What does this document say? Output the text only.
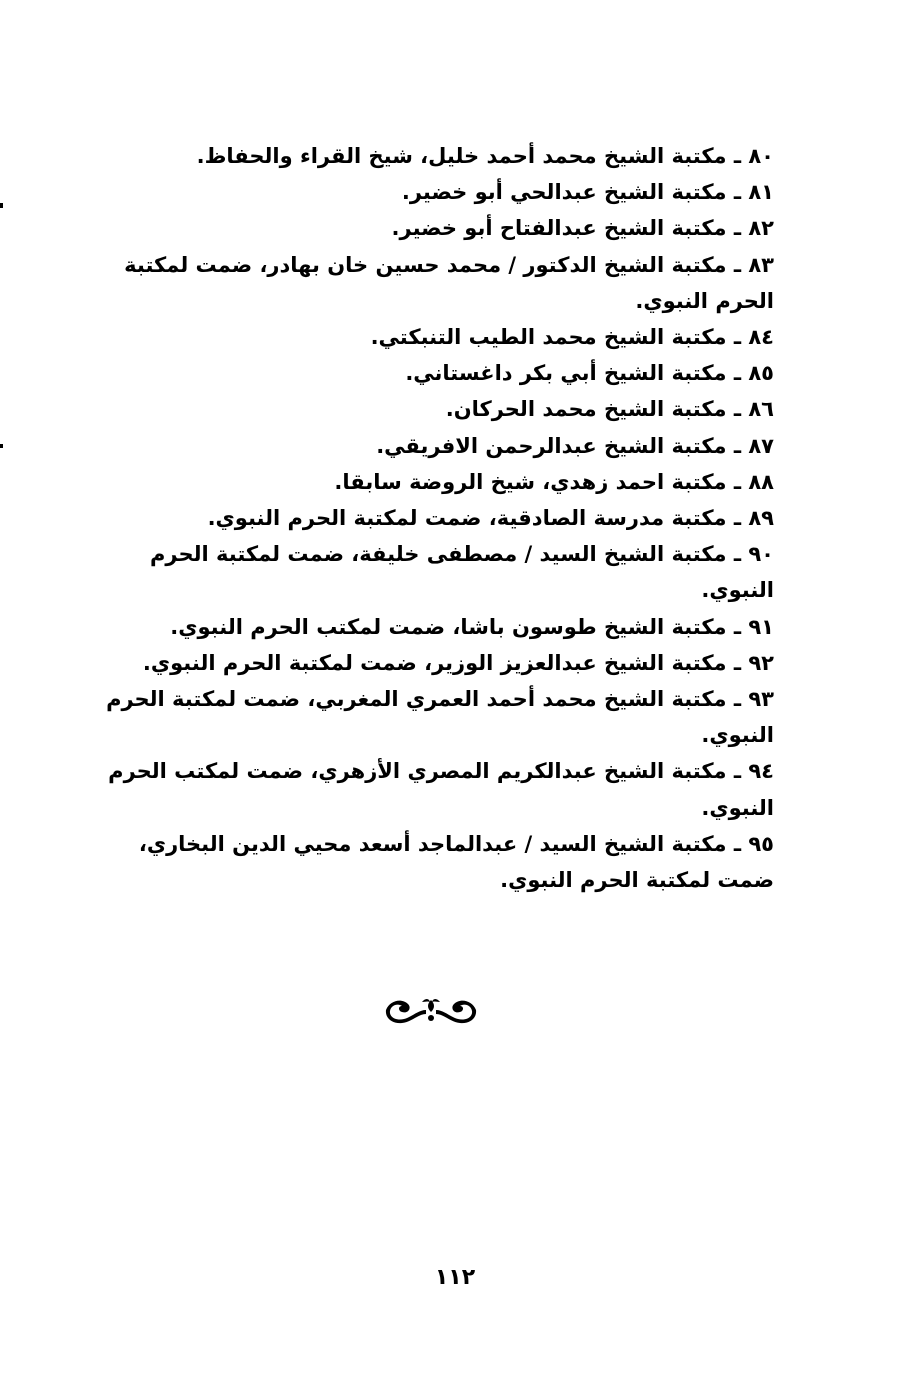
٨٠ ـ مكتبة الشيخ محمد أحمد خليل، شيخ القراء والحفاظ.

٨١ ـ مكتبة الشيخ عبدالحي أبو خضير.

٨٢ ـ مكتبة الشيخ عبدالفتاح أبو خضير.

٨٣ ـ مكتبة الشيخ الدكتور / محمد حسين خان بهادر، ضمت لمكتبة الحرم النبوي.

٨٤ ـ مكتبة الشيخ محمد الطيب التنبكتي.

٨٥ ـ مكتبة الشيخ أبي بكر داغستاني.

٨٦ ـ مكتبة الشيخ محمد الحركان.

٨٧ ـ مكتبة الشيخ عبدالرحمن الافريقي.

٨٨ ـ مكتبة احمد زهدي، شيخ الروضة سابقا.

٨٩ ـ مكتبة مدرسة الصادقية، ضمت لمكتبة الحرم النبوي.

٩٠ ـ مكتبة الشيخ السيد / مصطفى خليفة، ضمت لمكتبة الحرم النبوي.

٩١ ـ مكتبة الشيخ طوسون باشا، ضمت لمكتب الحرم النبوي.

٩٢ ـ مكتبة الشيخ عبدالعزيز الوزير، ضمت لمكتبة الحرم النبوي.

٩٣ ـ مكتبة الشيخ محمد أحمد العمري المغربي، ضمت لمكتبة الحرم النبوي.

٩٤ ـ مكتبة الشيخ عبدالكريم المصري الأزهري، ضمت لمكتب الحرم النبوي.

٩٥ ـ مكتبة الشيخ السيد / عبدالماجد أسعد محيي الدين البخاري، ضمت لمكتبة الحرم النبوي.

١١٢
